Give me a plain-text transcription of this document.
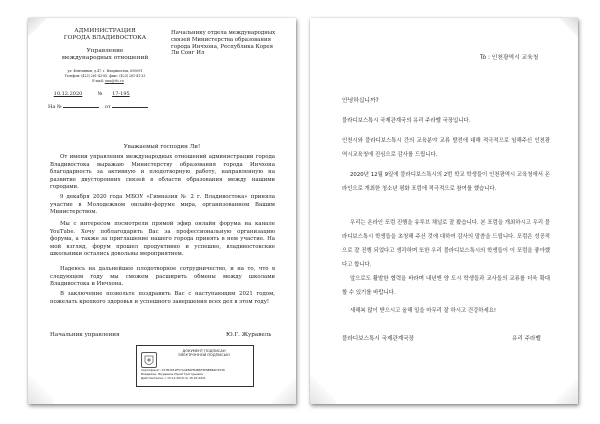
АДМИНИСТРАЦИЯ
ГОРОДА ВЛАДИВОСТОКА
Управление
международных отношений
ул. Фонтанная, д.47, г. Владивосток, 690091
Телефон: (423) 261-43-85, факс: (423) 261-41-33
E-mail: ums@vlc.ru
10.12.2020	№ 17-195
На №	от
Начальнику отдела международных
связей Министерства образования
города Инчхона, Республика Корея
Ли Сонг Ил
Уважаемый господин Ли!
От имени управления международных отношений администрации города Владивостока выражаю Министерству образования города Инчхона благодарность за активную и плодотворную работу, направленную на развитие двусторонних связей в области образования между нашими городами.
9 декабря 2020 года МБОУ «Гимназия № 2 г. Владивостока» приняла участие в Молодежном онлайн-форуме мира, организованном Вашим Министерством.
Мы с интересом посмотрели прямой эфир онлайн форума на канале YouTube. Хочу поблагодарить Вас за профессиональную организацию форума, а также за приглашение нашего города принять в нем участие. На мой взгляд, форум прошел продуктивно и успешно, владивостокские школьники остались довольны мероприятием.
Надеюсь на дальнейшее плодотворное сотрудничество, и на то, что в следующем году мы сможем расширить обмены между школами Владивостока и Инчхона.
В заключение позвольте поздравить Вас с наступающим 2021 годом, пожелать крепкого здоровья и успешного завершения всех дел в этом году!
Начальник управления	Ю.Г. Журавель
ДОКУМЕНТ ПОДПИСАН
ЭЛЕКТРОННОЙ ПОДПИСЬЮ
Сертификат: 017B1619F57A41B0FB4B6F4E8EB46D7036
Владелец: Журавель Юрий Григорьевич
Действителен: с 15.12.2019 по 15.03.2021
To : 인천광역시 교육청
안녕하십니까?
블라디보스톡시 국제관계국의 유리 주라벨 국장입니다.
인천시와 블라디보스톡시 간의 교육분야 교류 발전에 대해 적극적으로 임해주신 인천광역시교육청에 진심으로 감사를 드립니다.
2020년 12월 9일에 블라디보스톡시의 2번 학교 학생들이 인천광역시 교육청에서 온라인으로 개최한 청소년 평화 포럼에 적극적으로 참여를 했습니다.
우리는 온라인 포럼 진행을 유투브 채널로 잘 봤습니다. 본 포럼을 개최하시고 우리 블라디보스톡시 학생들을 초청해 주신 것에 대하여 감사의 말씀을 드립니다. 포럼은 성공적으로 잘 진행 되었다고 생각하며 또한 우리 블라디보스톡시의 학생들이 이 포럼을 좋아했다고 합니다.
앞으로도 활발한 협력을 바라며 내년엔 양 도시 학생들과 교사들의 교류를 더욱 확대 할 수 있기를 바랍니다.
새해복 많이 받으시고 올해 일을 마무리 잘 하시고 건강하세요!
블라디보스톡시 국제관계국장	유리 주라벨
